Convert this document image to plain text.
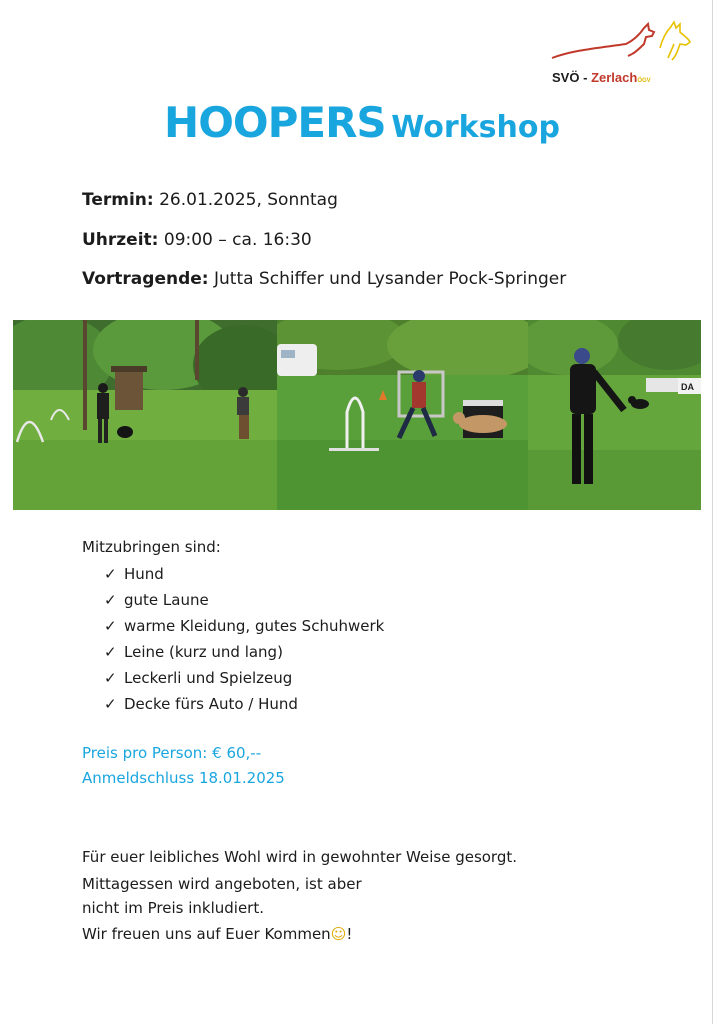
SVÖ - ZerlachÖGV
HOOPERS Workshop
Termin: 26.01.2025, Sonntag
Uhrzeit: 09:00 – ca. 16:30
Vortragende: Jutta Schiffer und Lysander Pock-Springer
DA
Mitzubringen sind:
✓ Hund
✓ gute Laune
✓ warme Kleidung, gutes Schuhwerk
✓ Leine (kurz und lang)
✓ Leckerli und Spielzeug
✓ Decke fürs Auto / Hund
Preis pro Person: € 60,--
Anmeldschluss 18.01.2025
Für euer leibliches Wohl wird in gewohnter Weise gesorgt.
Mittagessen wird angeboten, ist aber
nicht im Preis inkludiert.
Wir freuen uns auf Euer Kommen☺!
